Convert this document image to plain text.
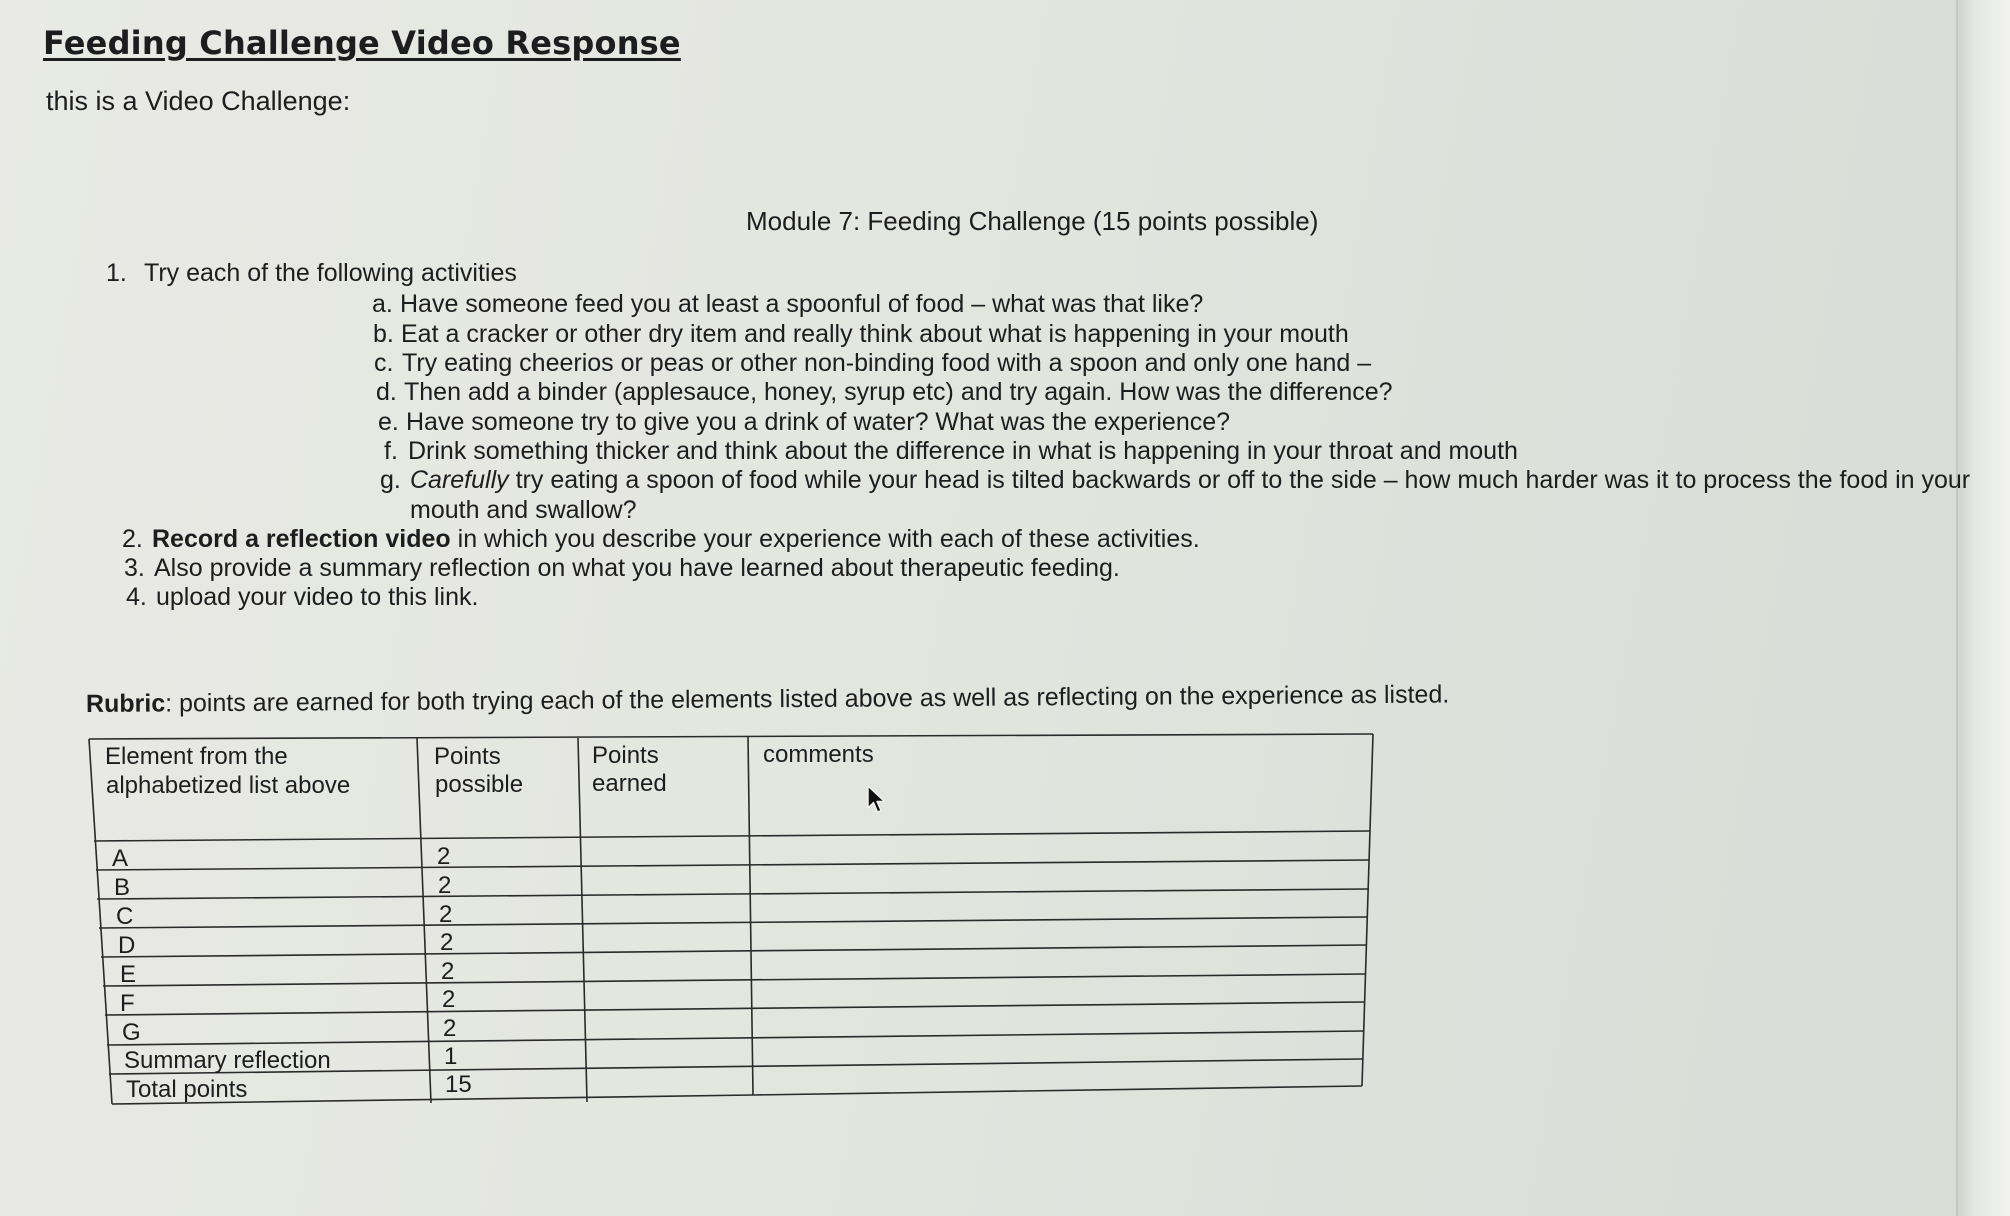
Feeding Challenge Video Response
this is a Video Challenge:
Module 7: Feeding Challenge (15 points possible)
1. Try each of the following activities
a. Have someone feed you at least a spoonful of food – what was that like?
b. Eat a cracker or other dry item and really think about what is happening in your mouth
c. Try eating cheerios or peas or other non-binding food with a spoon and only one hand –
d. Then add a binder (applesauce, honey, syrup etc) and try again. How was the difference?
e. Have someone try to give you a drink of water? What was the experience?
f. Drink something thicker and think about the difference in what is happening in your throat and mouth
g. Carefully try eating a spoon of food while your head is tilted backwards or off to the side – how much harder was it to process the food in your
mouth and swallow?
2. Record a reflection video in which you describe your experience with each of these activities.
3. Also provide a summary reflection on what you have learned about therapeutic feeding.
4. upload your video to this link.
Rubric: points are earned for both trying each of the elements listed above as well as reflecting on the experience as listed.
Element from the
alphabetized list above
Points
possible
Points
earned
comments
A
B
C
D
E
F
G
Summary reflection
Total points
2
2
2
2
2
2
2
1
15
